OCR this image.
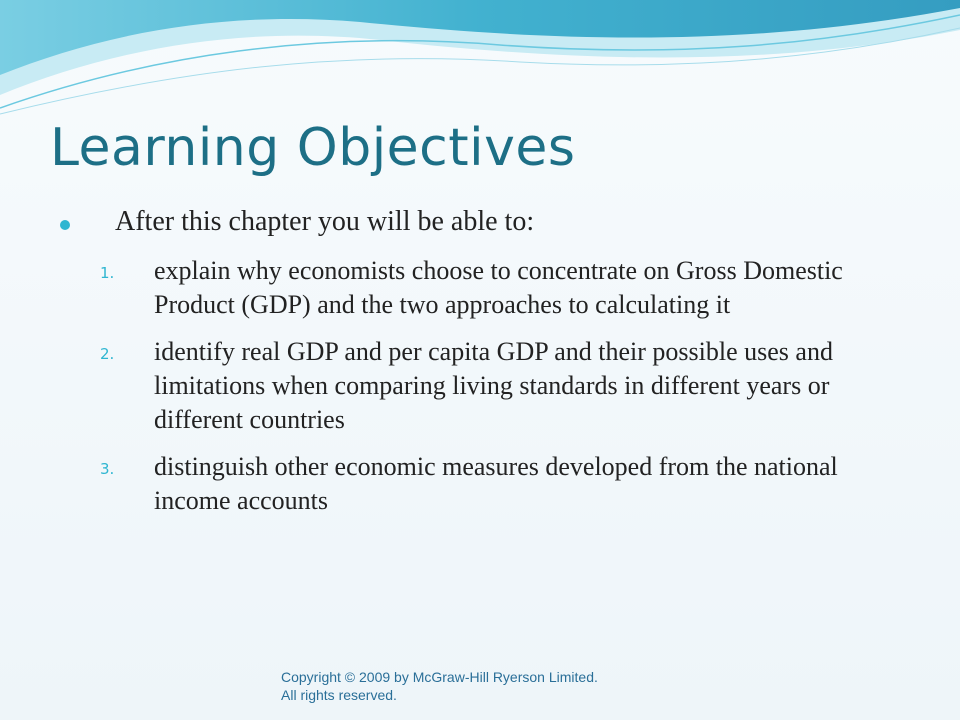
Learning Objectives
After this chapter you will be able to:
1.	explain why economists choose to concentrate on Gross Domestic Product (GDP) and the two approaches to calculating it
2.	identify real GDP and per capita GDP and their possible uses and limitations when comparing living standards in different years or different countries
3.	distinguish other economic measures developed from the national income accounts
Copyright © 2009 by McGraw-Hill Ryerson Limited. All rights reserved.
